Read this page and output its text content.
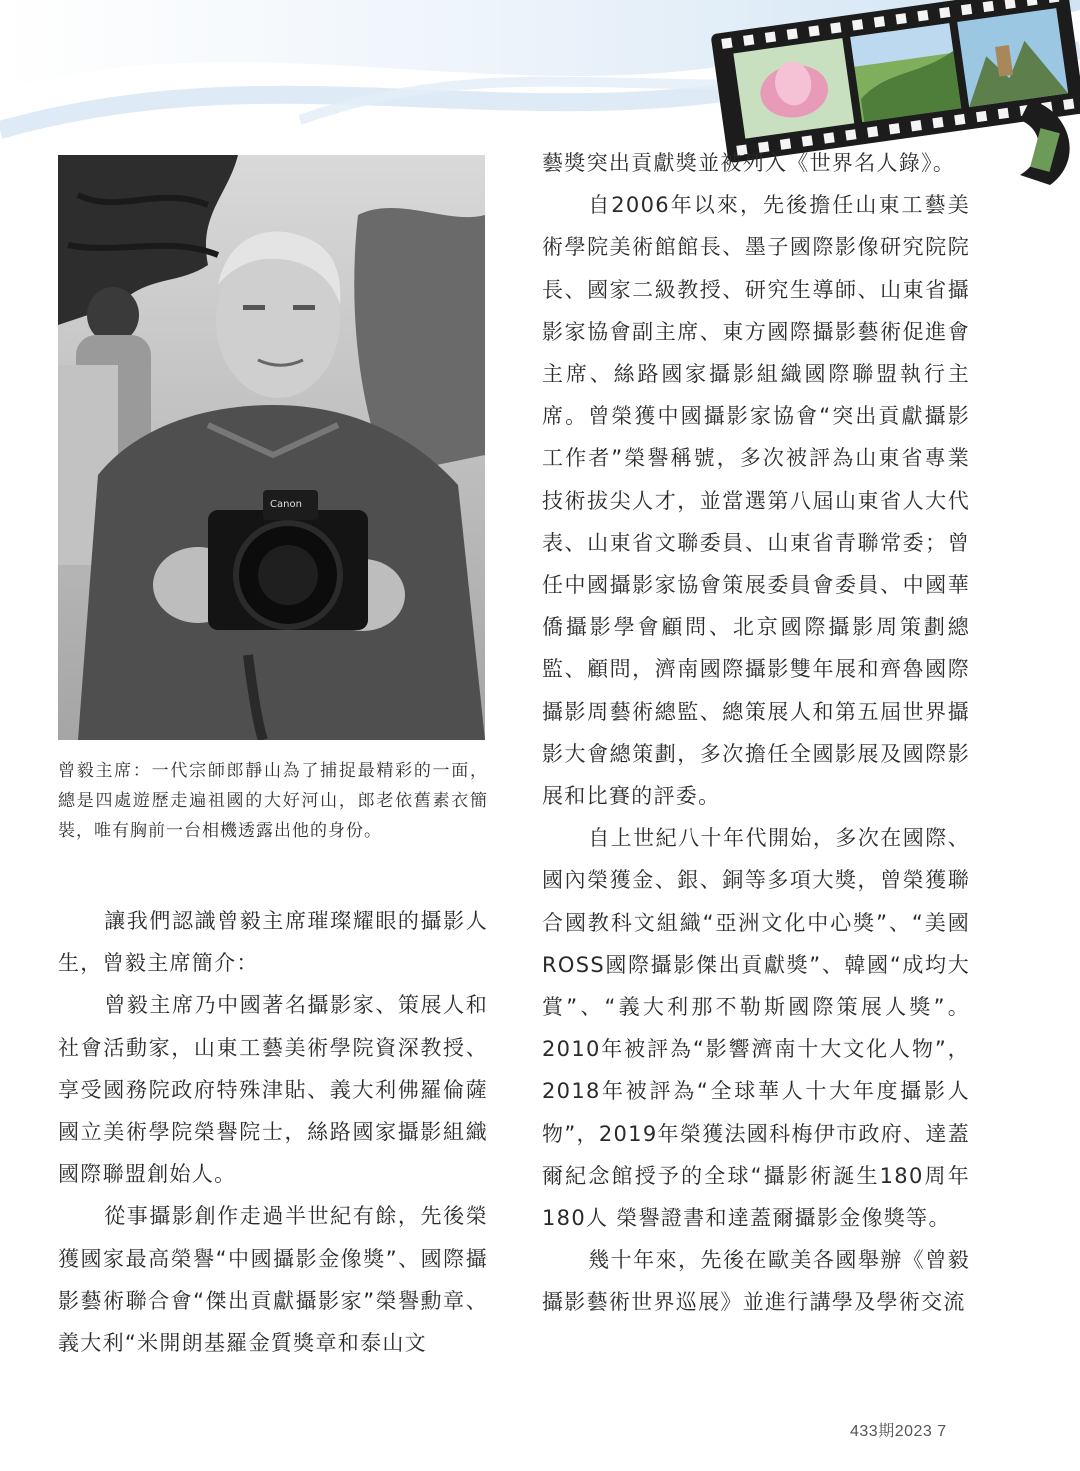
Canon
曾毅主席：一代宗師郎靜山為了捕捉最精彩的一面，總是四處遊歷走遍祖國的大好河山，郎老依舊素衣簡裝，唯有胸前一台相機透露出他的身份。

讓我們認識曾毅主席璀璨耀眼的攝影人生，曾毅主席簡介：

曾毅主席乃中國著名攝影家、策展人和社會活動家，山東工藝美術學院資深教授、享受國務院政府特殊津貼、義大利佛羅倫薩國立美術學院榮譽院士，絲路國家攝影組織國際聯盟創始人。

從事攝影創作走過半世紀有餘，先後榮獲國家最高榮譽“中國攝影金像獎”、國際攝影藝術聯合會“傑出貢獻攝影家”榮譽勳章、義大利“米開朗基羅金質獎章和泰山文

藝獎突出貢獻獎並被列入《世界名人錄》。

自2006年以來，先後擔任山東工藝美術學院美術館館長、墨子國際影像研究院院長、國家二級教授、研究生導師、山東省攝影家協會副主席、東方國際攝影藝術促進會主席、絲路國家攝影組織國際聯盟執行主席。曾榮獲中國攝影家協會“突出貢獻攝影工作者”榮譽稱號，多次被評為山東省專業技術拔尖人才，並當選第八屆山東省人大代表、山東省文聯委員、山東省青聯常委；曾任中國攝影家協會策展委員會委員、中國華僑攝影學會顧問、北京國際攝影周策劃總監、顧問，濟南國際攝影雙年展和齊魯國際攝影周藝術總監、總策展人和第五屆世界攝影大會總策劃，多次擔任全國影展及國際影展和比賽的評委。

自上世紀八十年代開始，多次在國際、國內榮獲金、銀、銅等多項大獎，曾榮獲聯合國教科文組織“亞洲文化中心獎”、“美國ROSS國際攝影傑出貢獻獎”、韓國“成均大賞”、“義大利那不勒斯國際策展人獎”。2010年被評為“影響濟南十大文化人物”，2018年被評為“全球華人十大年度攝影人物”，2019年榮獲法國科梅伊市政府、達蓋爾紀念館授予的全球“攝影術誕生180周年180人 榮譽證書和達蓋爾攝影金像獎等。

幾十年來，先後在歐美各國舉辦《曾毅攝影藝術世界巡展》並進行講學及學術交流

433期2023 7
